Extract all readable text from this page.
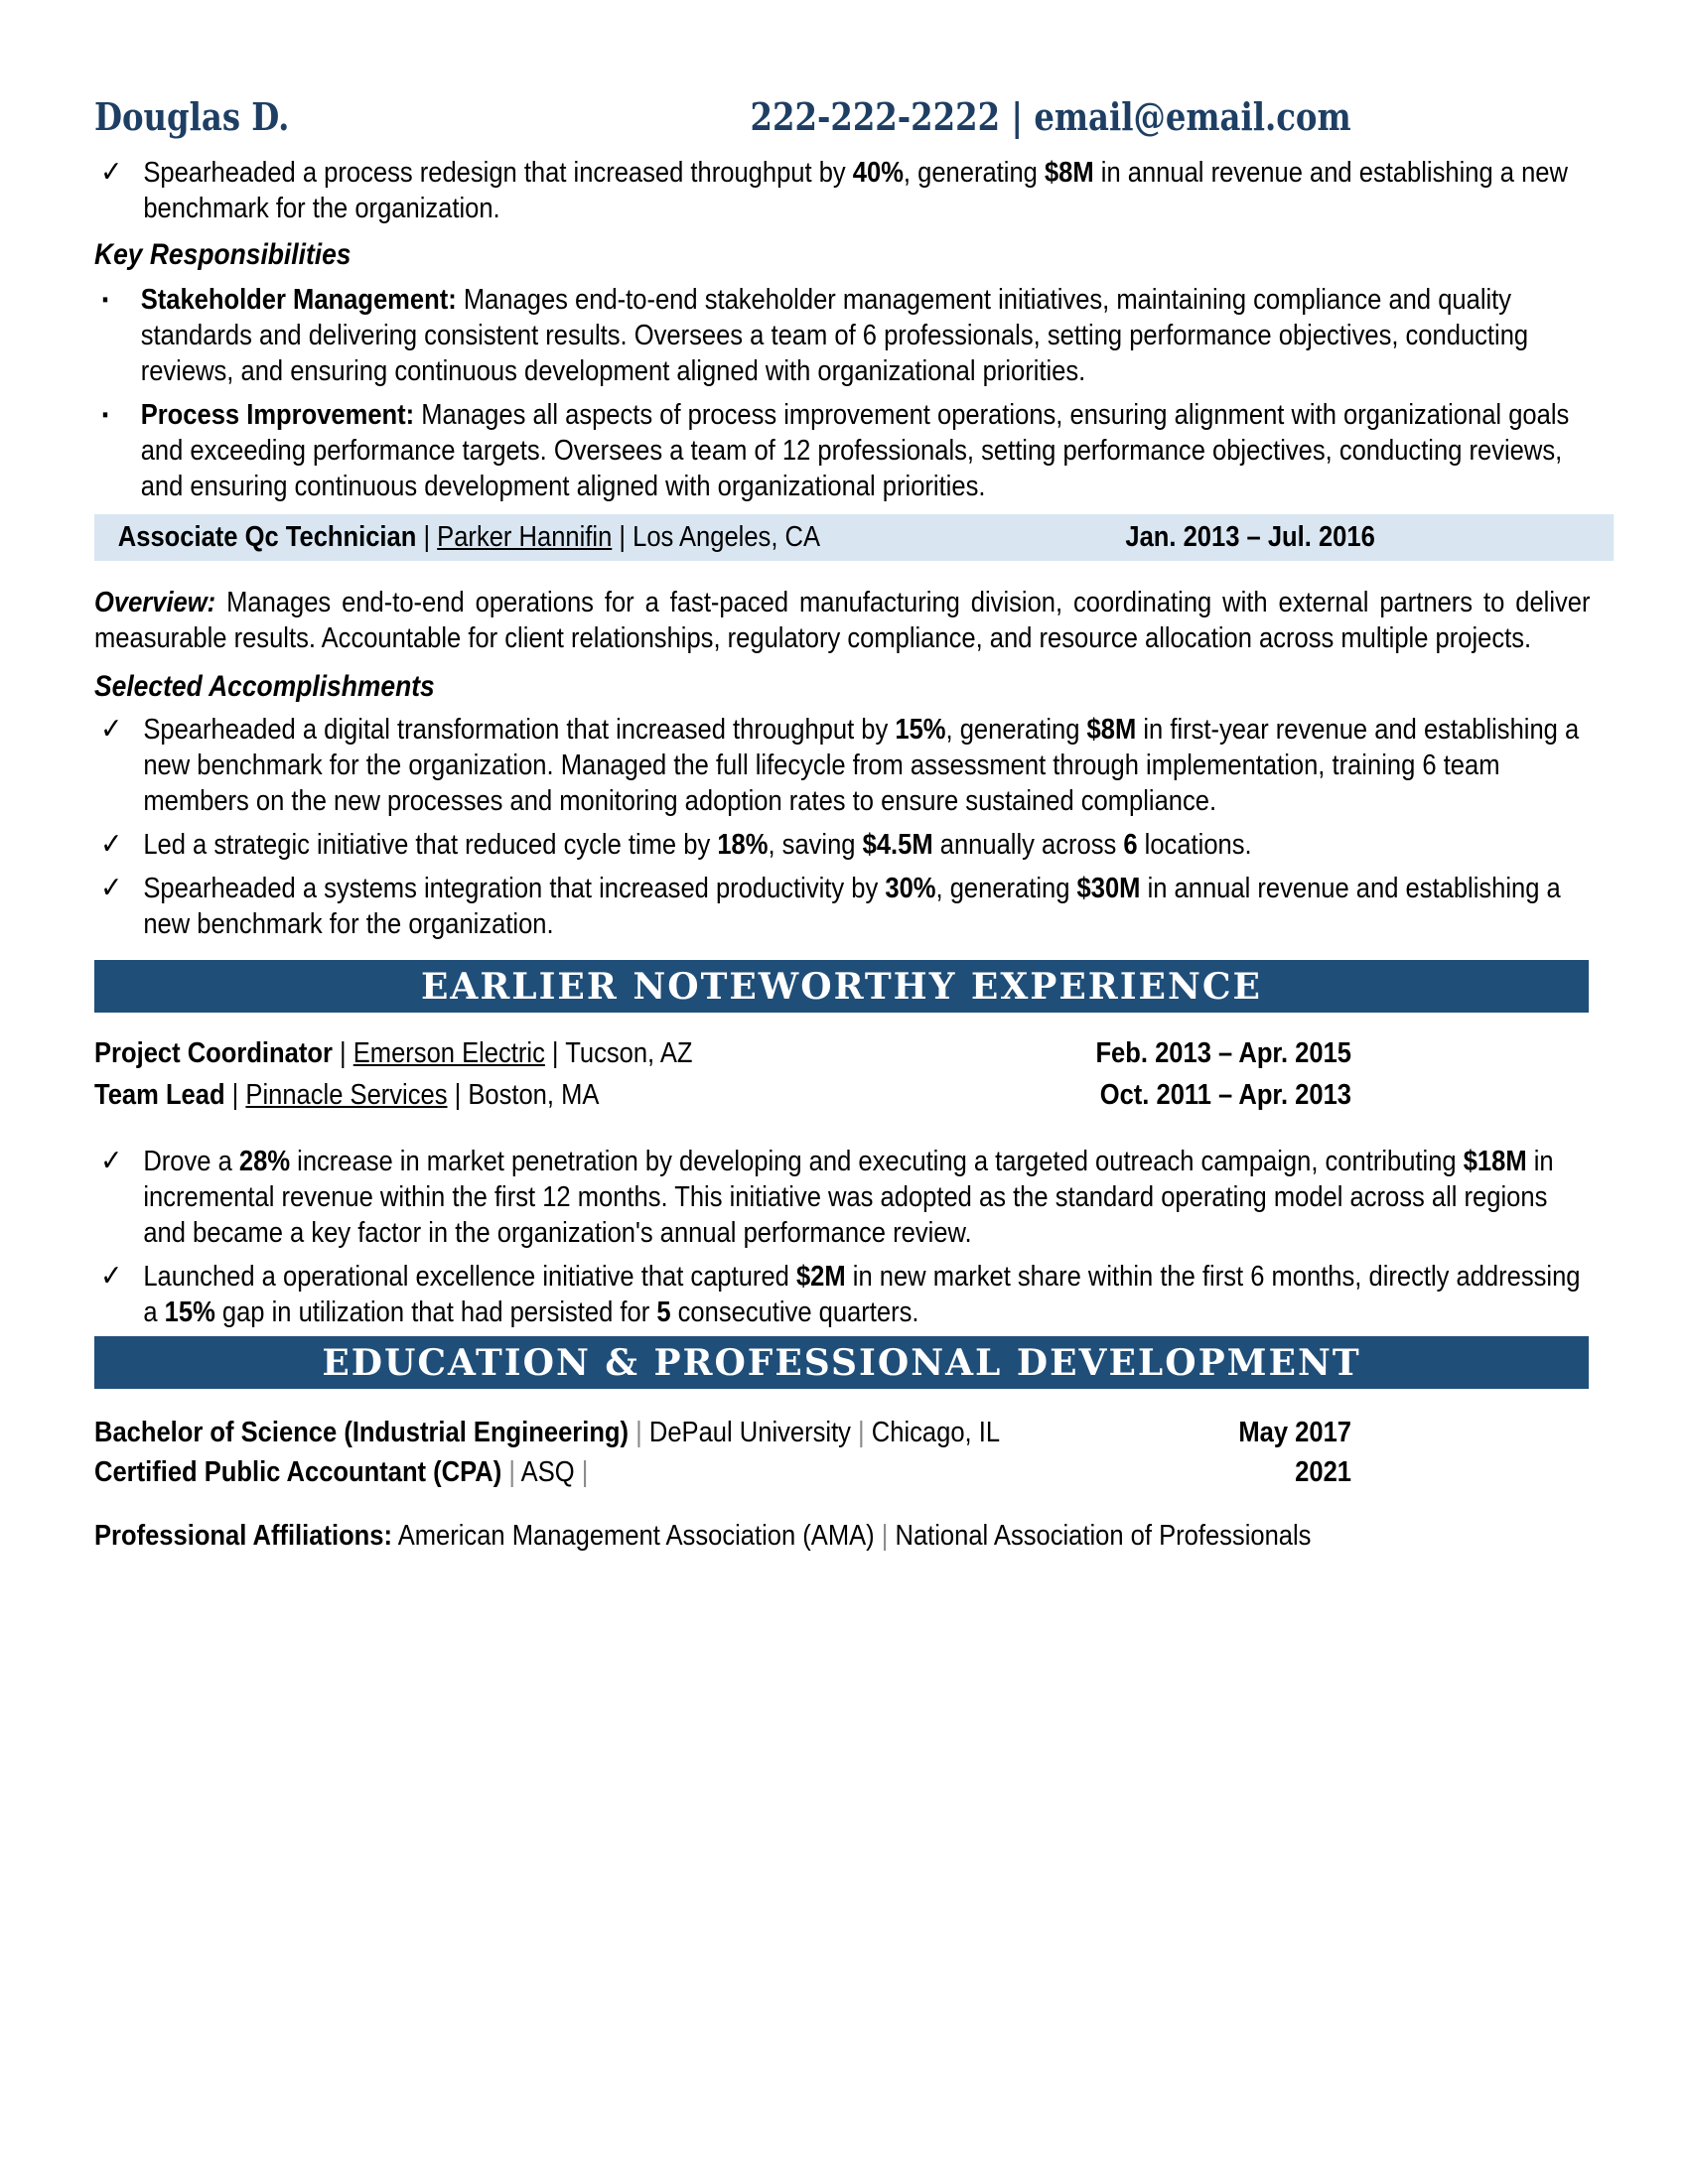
Douglas D.	222-222-2222 | email@email.com
✓ Spearheaded a process redesign that increased throughput by 40%, generating $8M in annual revenue and establishing a new benchmark for the organization.
Key Responsibilities
▪	Stakeholder Management: Manages end-to-end stakeholder management initiatives, maintaining compliance and quality standards and delivering consistent results. Oversees a team of 6 professionals, setting performance objectives, conducting reviews, and ensuring continuous development aligned with organizational priorities.
▪	Process Improvement: Manages all aspects of process improvement operations, ensuring alignment with organizational goals and exceeding performance targets. Oversees a team of 12 professionals, setting performance objectives, conducting reviews, and ensuring continuous development aligned with organizational priorities.
Associate Qc Technician | Parker Hannifin | Los Angeles, CA	Jan. 2013 – Jul. 2016
Overview: Manages end-to-end operations for a fast-paced manufacturing division, coordinating with external partners to deliver measurable results. Accountable for client relationships, regulatory compliance, and resource allocation across multiple projects.
Selected Accomplishments
✓ Spearheaded a digital transformation that increased throughput by 15%, generating $8M in first-year revenue and establishing a new benchmark for the organization. Managed the full lifecycle from assessment through implementation, training 6 team members on the new processes and monitoring adoption rates to ensure sustained compliance.
✓ Led a strategic initiative that reduced cycle time by 18%, saving $4.5M annually across 6 locations.
✓ Spearheaded a systems integration that increased productivity by 30%, generating $30M in annual revenue and establishing a new benchmark for the organization.
EARLIER NOTEWORTHY EXPERIENCE
Project Coordinator | Emerson Electric | Tucson, AZ	Feb. 2013 – Apr. 2015
Team Lead | Pinnacle Services | Boston, MA	Oct. 2011 – Apr. 2013
✓ Drove a 28% increase in market penetration by developing and executing a targeted outreach campaign, contributing $18M in incremental revenue within the first 12 months. This initiative was adopted as the standard operating model across all regions and became a key factor in the organization's annual performance review.
✓ Launched a operational excellence initiative that captured $2M in new market share within the first 6 months, directly addressing a 15% gap in utilization that had persisted for 5 consecutive quarters.
EDUCATION & PROFESSIONAL DEVELOPMENT
Bachelor of Science (Industrial Engineering) | DePaul University | Chicago, IL	May 2017
Certified Public Accountant (CPA) | ASQ |	2021
Professional Affiliations: American Management Association (AMA) | National Association of Professionals
